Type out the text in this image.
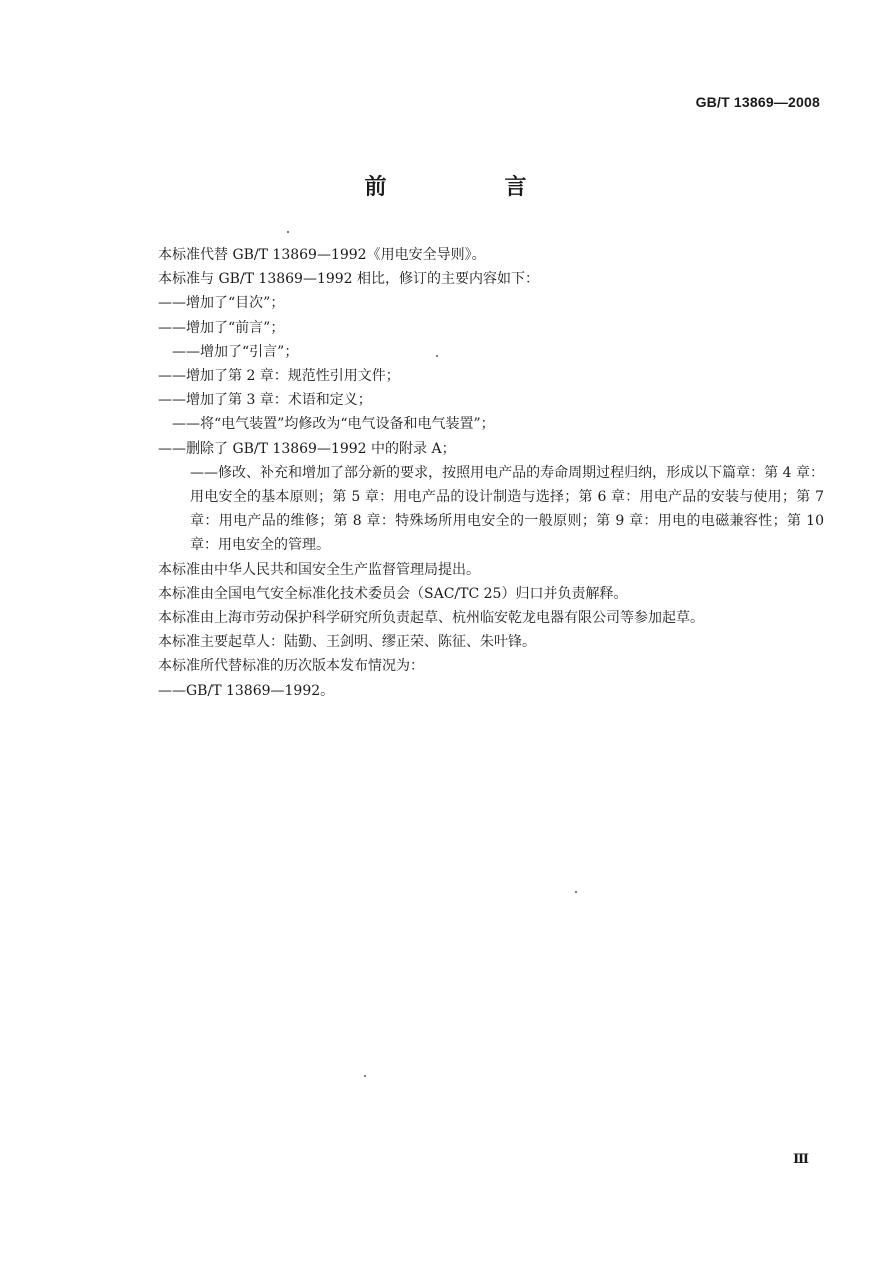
GB/T 13869—2008
前　言
本标准代替 GB/T 13869—1992《用电安全导则》。
本标准与 GB/T 13869—1992 相比，修订的主要内容如下：
——增加了“目次”；
——增加了“前言”；
——增加了“引言”；
——增加了第 2 章：规范性引用文件；
——增加了第 3 章：术语和定义；
——将“电气装置”均修改为“电气设备和电气装置”；
——删除了 GB/T 13869—1992 中的附录 A；
——修改、补充和增加了部分新的要求，按照用电产品的寿命周期过程归纳，形成以下篇章：第 4 章：用电安全的基本原则；第 5 章：用电产品的设计制造与选择；第 6 章：用电产品的安装与使用；第 7 章：用电产品的维修；第 8 章：特殊场所用电安全的一般原则；第 9 章：用电的电磁兼容性；第 10 章：用电安全的管理。
本标准由中华人民共和国安全生产监督管理局提出。
本标准由全国电气安全标准化技术委员会（SAC/TC 25）归口并负责解释。
本标准由上海市劳动保护科学研究所负责起草、杭州临安乾龙电器有限公司等参加起草。
本标准主要起草人：陆勤、王剑明、缪正荣、陈征、朱叶锋。
本标准所代替标准的历次版本发布情况为：
——GB/T 13869—1992。
Ⅲ
